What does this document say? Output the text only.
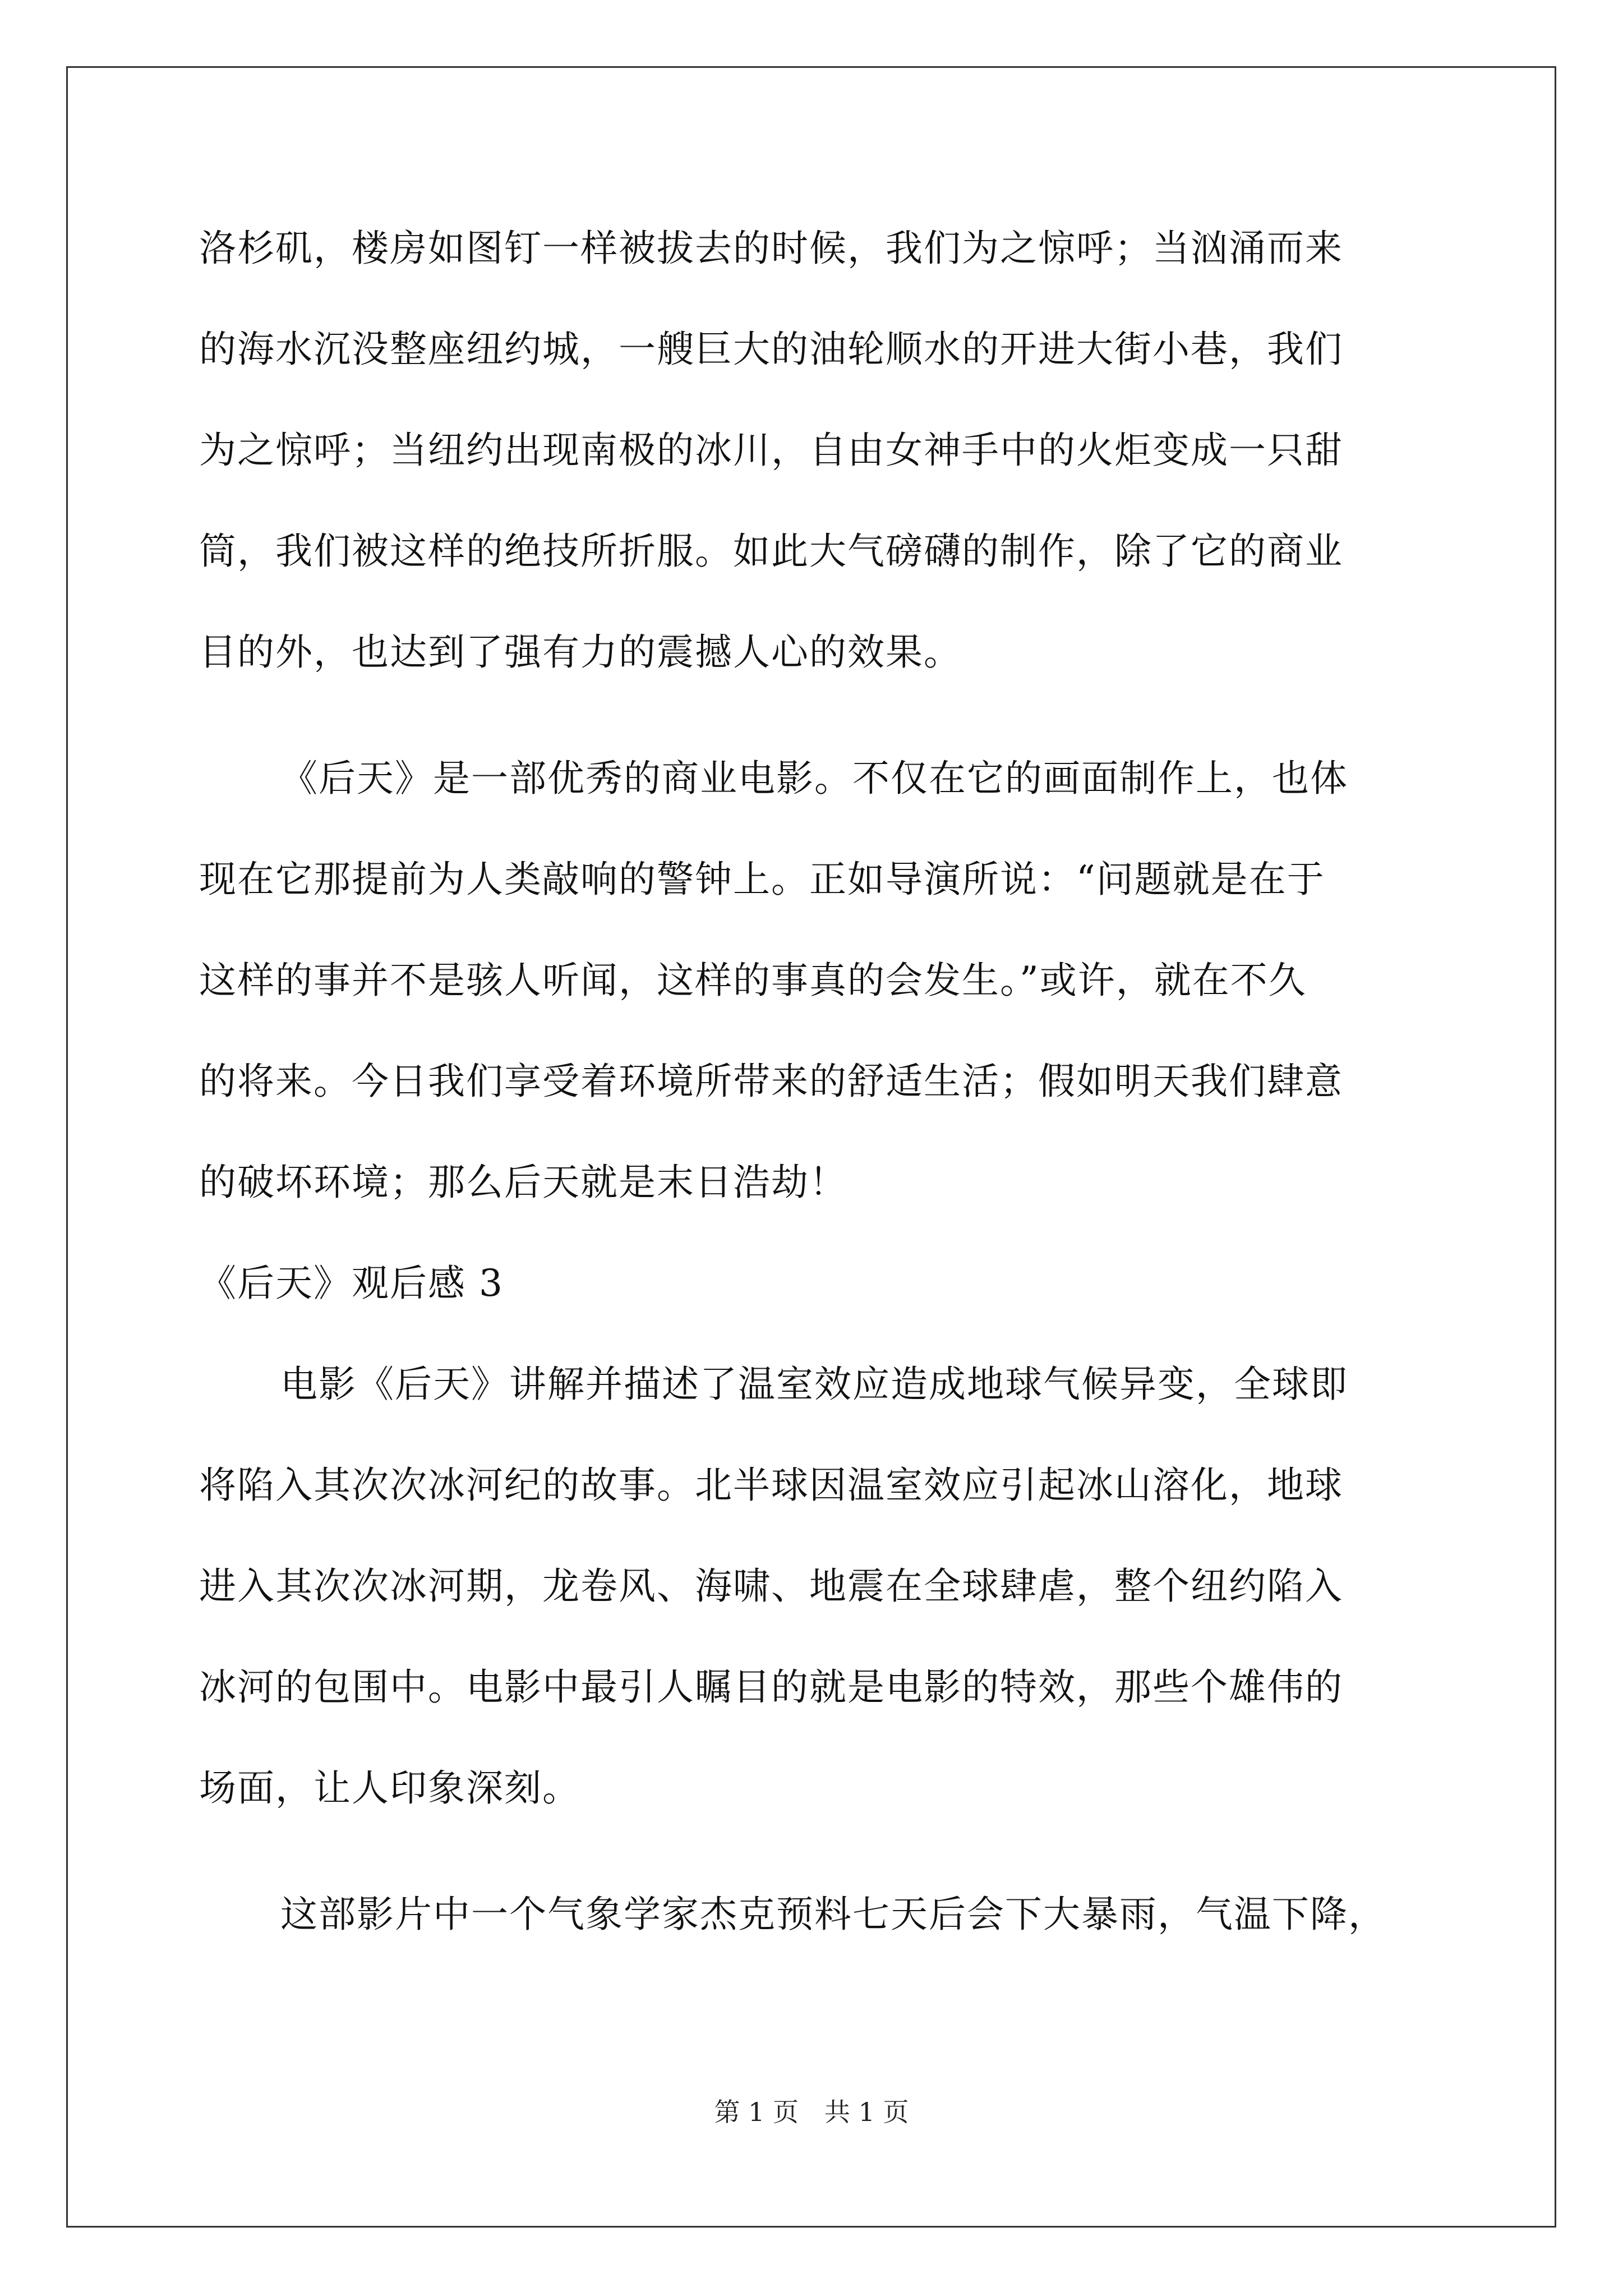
洛杉矶，楼房如图钉一样被拔去的时候，我们为之惊呼；当汹涌而来
的海水沉没整座纽约城，一艘巨大的油轮顺水的开进大街小巷，我们
为之惊呼；当纽约出现南极的冰川，自由女神手中的火炬变成一只甜
筒，我们被这样的绝技所折服。如此大气磅礴的制作，除了它的商业
目的外，也达到了强有力的震撼人心的效果。
《后天》是一部优秀的商业电影。不仅在它的画面制作上，也体
现在它那提前为人类敲响的警钟上。正如导演所说：“问题就是在于
这样的事并不是骇人听闻，这样的事真的会发生。”或许，就在不久
的将来。今日我们享受着环境所带来的舒适生活；假如明天我们肆意
的破坏环境；那么后天就是末日浩劫！
《后天》观后感 3
电影《后天》讲解并描述了温室效应造成地球气候异变，全球即
将陷入其次次冰河纪的故事。北半球因温室效应引起冰山溶化，地球
进入其次次冰河期，龙卷风、海啸、地震在全球肆虐，整个纽约陷入
冰河的包围中。电影中最引人瞩目的就是电影的特效，那些个雄伟的
场面，让人印象深刻。
这部影片中一个气象学家杰克预料七天后会下大暴雨，气温下降，
第 1 页　共 1 页
